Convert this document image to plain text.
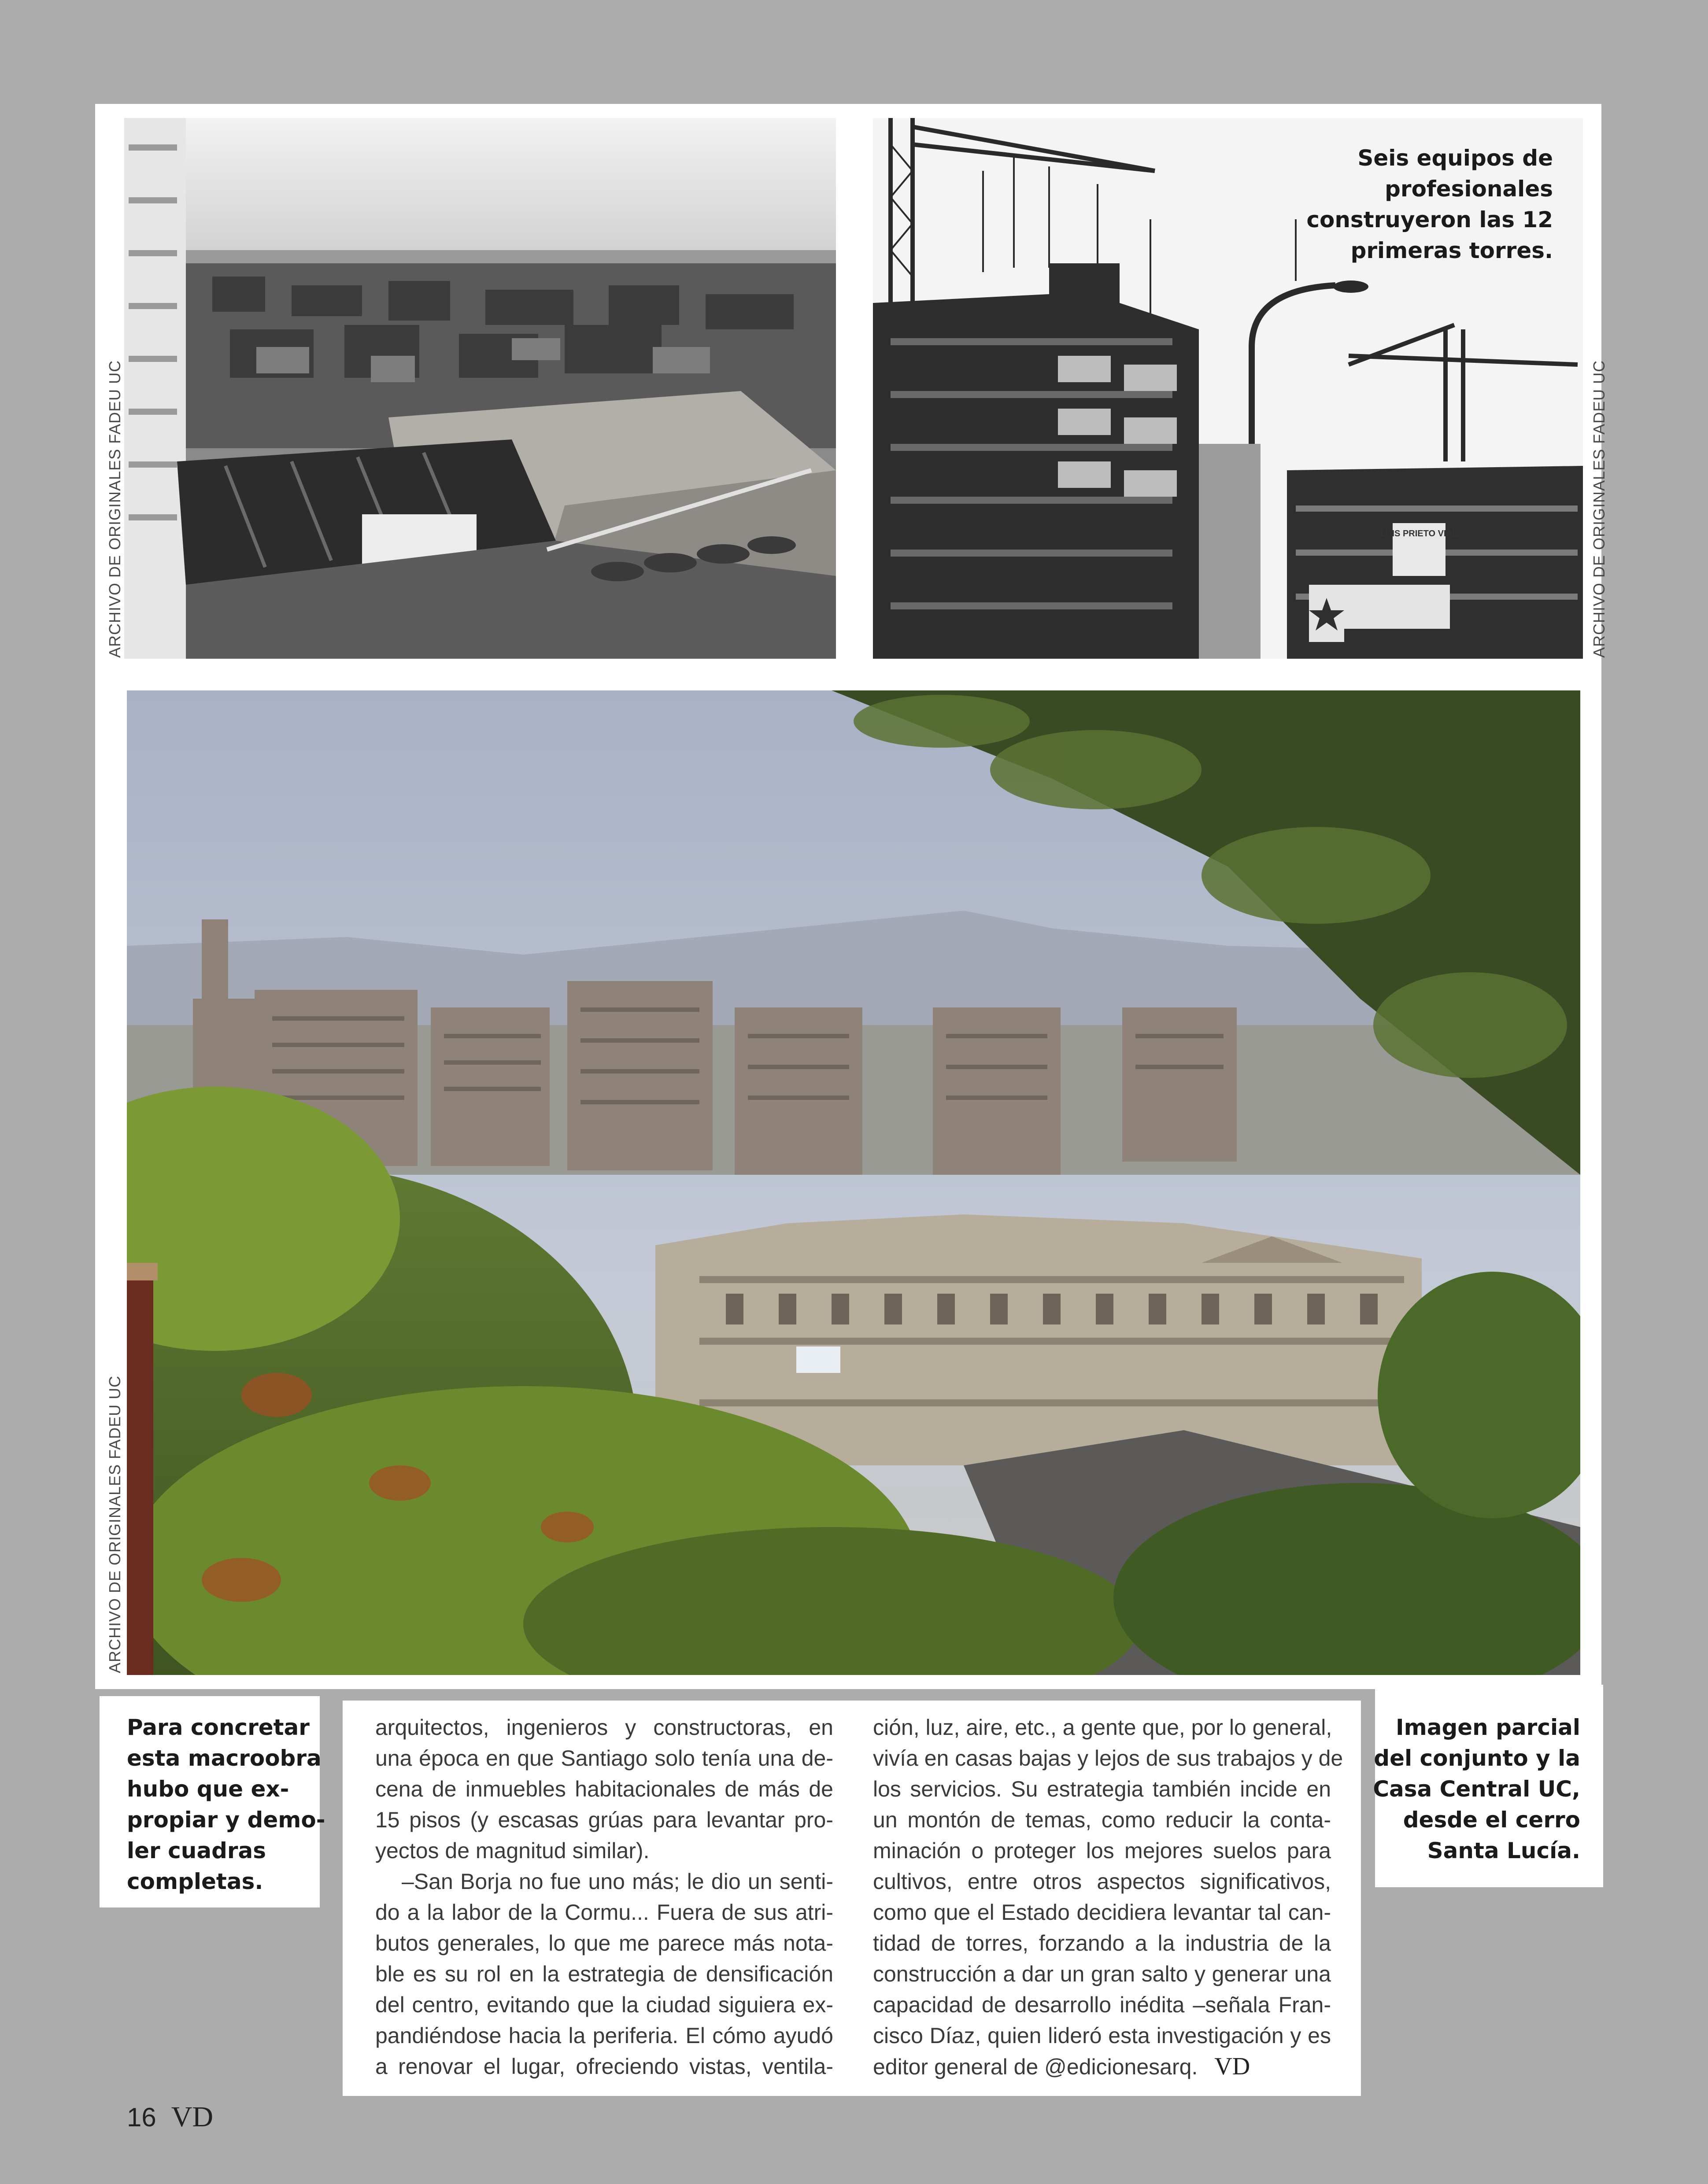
LUIS PRIETO VIAL
ARCHIVO DE ORIGINALES FADEU UC	ARCHIVO DE ORIGINALES FADEU UC
ARCHIVO DE ORIGINALES FADEU UC
Seis equipos de
profesionales
construyeron las 12
primeras torres.
Para concretar
esta macroobra
hubo que ex-
propiar y demo-
ler cuadras
completas.
arquitectos, ingenieros y constructoras, en
una época en que Santiago solo tenía una de-
cena de inmuebles habitacionales de más de
15 pisos (y escasas grúas para levantar pro-
yectos de magnitud similar).
–San Borja no fue uno más; le dio un senti-
do a la labor de la Cormu... Fuera de sus atri-
butos generales, lo que me parece más nota-
ble es su rol en la estrategia de densificación
del centro, evitando que la ciudad siguiera ex-
pandiéndose hacia la periferia. El cómo ayudó
a renovar el lugar, ofreciendo vistas, ventila-
ción, luz, aire, etc., a gente que, por lo general,
vivía en casas bajas y lejos de sus trabajos y de
los servicios. Su estrategia también incide en
un montón de temas, como reducir la conta-
minación o proteger los mejores suelos para
cultivos, entre otros aspectos significativos,
como que el Estado decidiera levantar tal can-
tidad de torres, forzando a la industria de la
construcción a dar un gran salto y generar una
capacidad de desarrollo inédita –señala Fran-
cisco Díaz, quien lideró esta investigación y es
editor general de @edicionesarq. VD
Imagen parcial
del conjunto y la
Casa Central UC,
desde el cerro
Santa Lucía.
16 VD
